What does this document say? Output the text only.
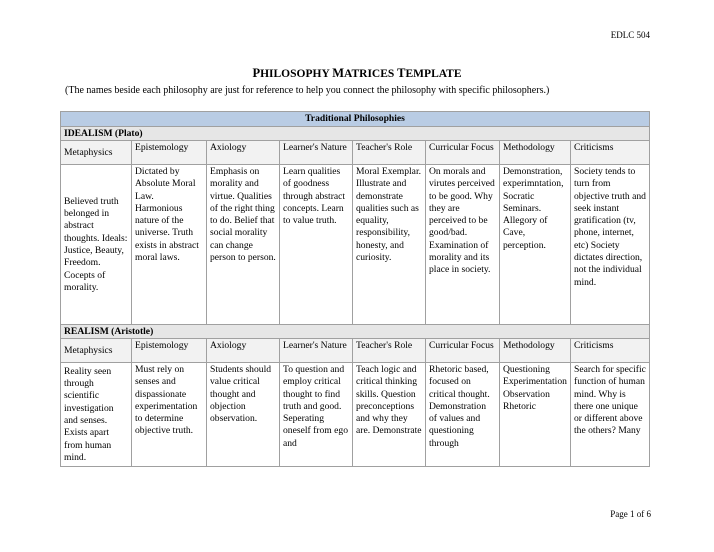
EDLC 504
PHILOSOPHY MATRICES TEMPLATE
(The names beside each philosophy are just for reference to help you connect the philosophy with specific philosophers.)
Traditional Philosophies							
IDEALISM (Plato)							
Metaphysics	Epistemology	Axiology	Learner's Nature	Teacher's Role	Curricular Focus	Methodology	Criticisms
Believed truth belonged in abstract thoughts. Ideals: Justice, Beauty, Freedom. Cocepts of morality.	Dictated by Absolute Moral Law. Harmonious nature of the universe. Truth exists in abstract moral laws.	Emphasis on morality and virtue. Qualities of the right thing to do. Belief that social morality can change person to person.	Learn qualities of goodness through abstract concepts. Learn to value truth.	Moral Exemplar. Illustrate and demonstrate qualities such as equality, responsibility, honesty, and curiosity.	On morals and virutes perceived to be good. Why they are perceived to be good/bad. Examination of morality and its place in society.	Demonstration, experimntation, Socratic Seminars. Allegory of Cave, perception.	Society tends to turn from objective truth and seek instant gratification (tv, phone, internet, etc) Society dictates direction, not the individual mind.
REALISM (Aristotle)							
Metaphysics	Epistemology	Axiology	Learner's Nature	Teacher's Role	Curricular Focus	Methodology	Criticisms
Reality seen through scientific investigation and senses. Exists apart from human mind.	Must rely on senses and dispassionate experimentation to determine objective truth.	Students should value critical thought and objection observation.	To question and employ critical thought to find truth and good. Seperating oneself from ego and	Teach logic and critical thinking skills. Question preconceptions and why they are. Demonstrate	Rhetoric based, focused on critical thought. Demonstration of values and questioning through	Questioning Experimentation Observation Rhetoric	Search for specific function of human mind. Why is there one unique or different above the others? Many
Page 1 of 6
